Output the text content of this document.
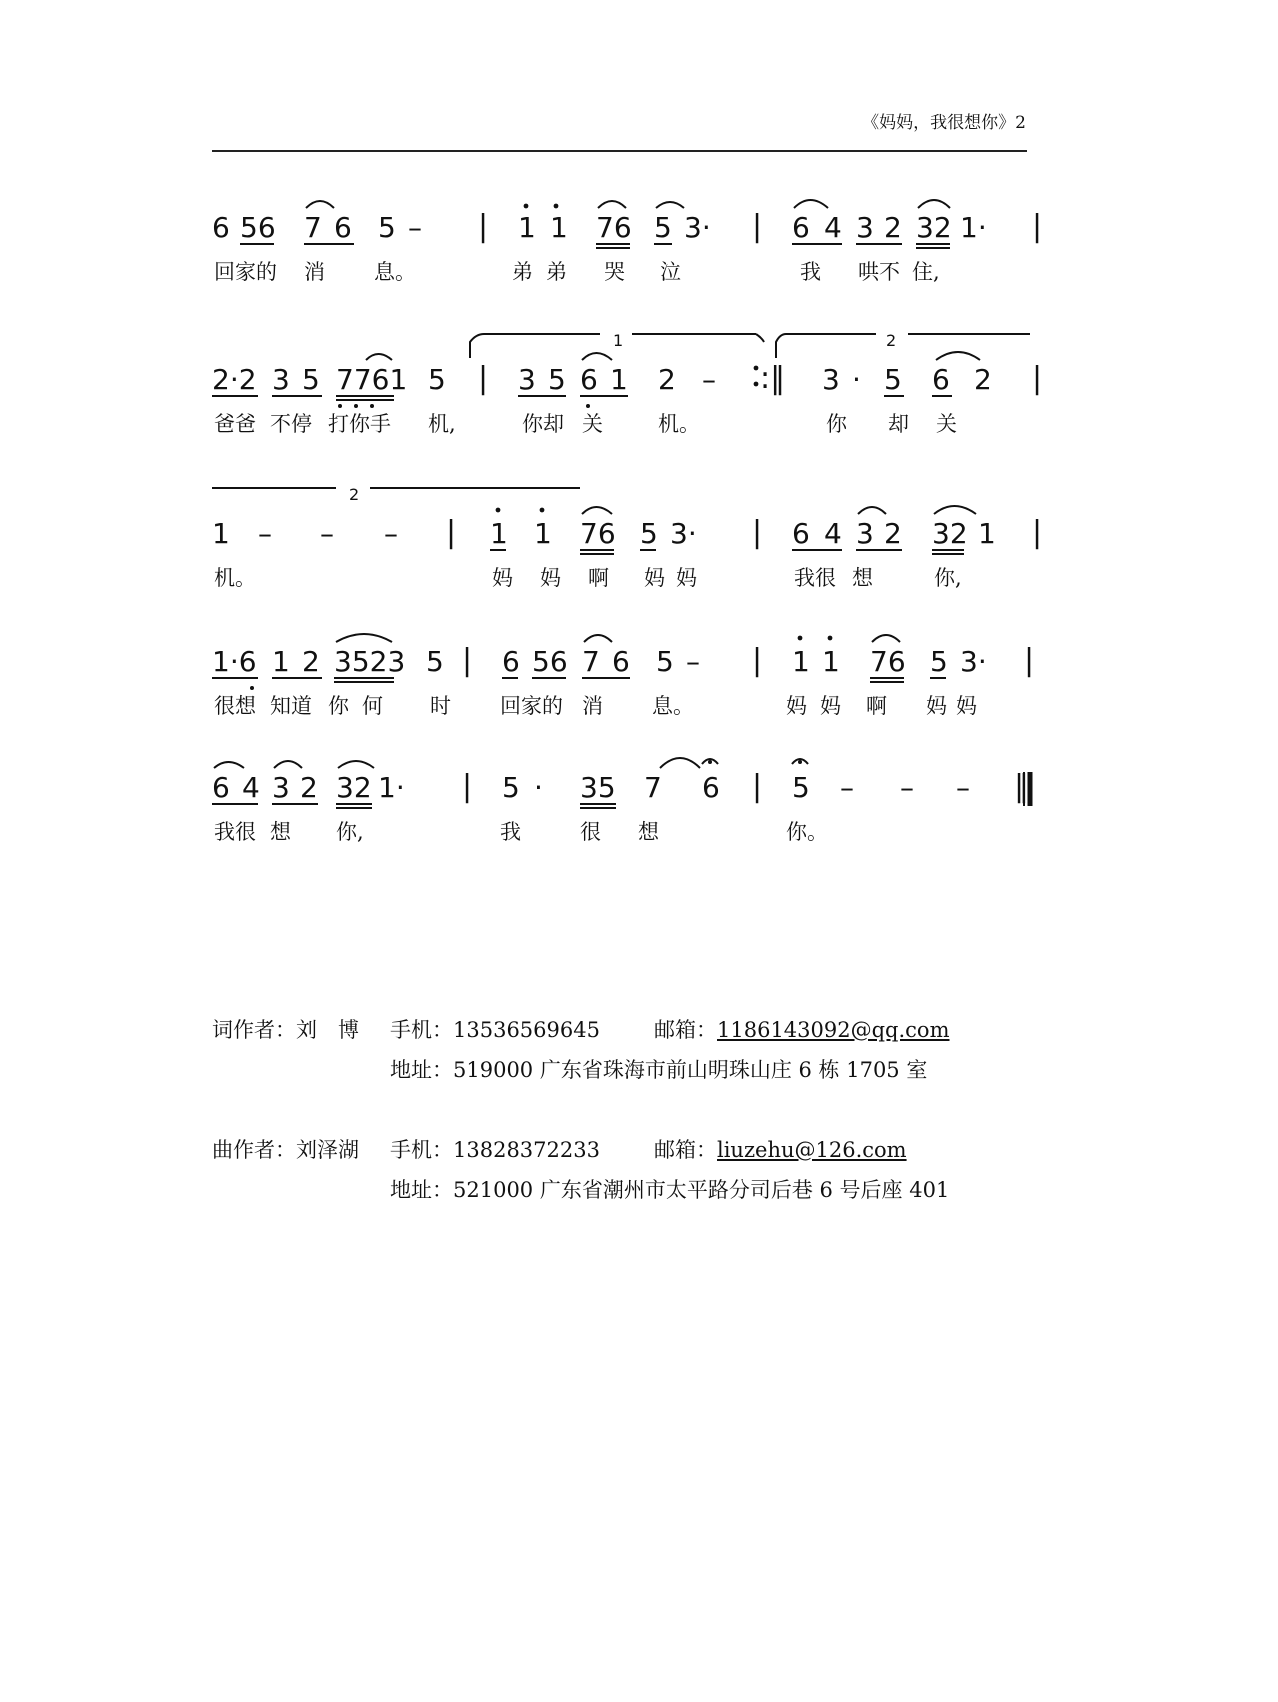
《妈妈，我很想你》2
6 56 7 6 5 – | 1 1 76 5 3· | 6 4 3 2 32 1· |
回家的 消 息。	弟 弟 哭 泣	我 哄不 住,
1	2
2·2 3 5 7761 5 | 3 5 6 1 2 – :‖ 3 · 5 6 2 |
爸爸 不停 打你手 机,	你却 关	机。	你 却 关
2
1 – – – | 1 1 76 5 3· | 6 4 3 2 32 1 |
机。	妈 妈 啊 妈 妈	我很 想	你,
1·6 1 2 3523 5 | 6 56 7 6 5 – | 1 1 76 5 3· |
很想 知道 你 何 时 回家的 消 息。	妈 妈 啊 妈 妈
6 4 3 2 32 1· | 5 · 35 7 6 | 5 – – – ‖
我很 想 你,	我	很 想	你。
词作者：刘　博 手机：13536569645	邮箱：1186143092@qq.com
地址：519000 广东省珠海市前山明珠山庄 6 栋 1705 室
曲作者：刘泽湖 手机：13828372233	邮箱：liuzehu@126.com
地址：521000 广东省潮州市太平路分司后巷 6 号后座 401
